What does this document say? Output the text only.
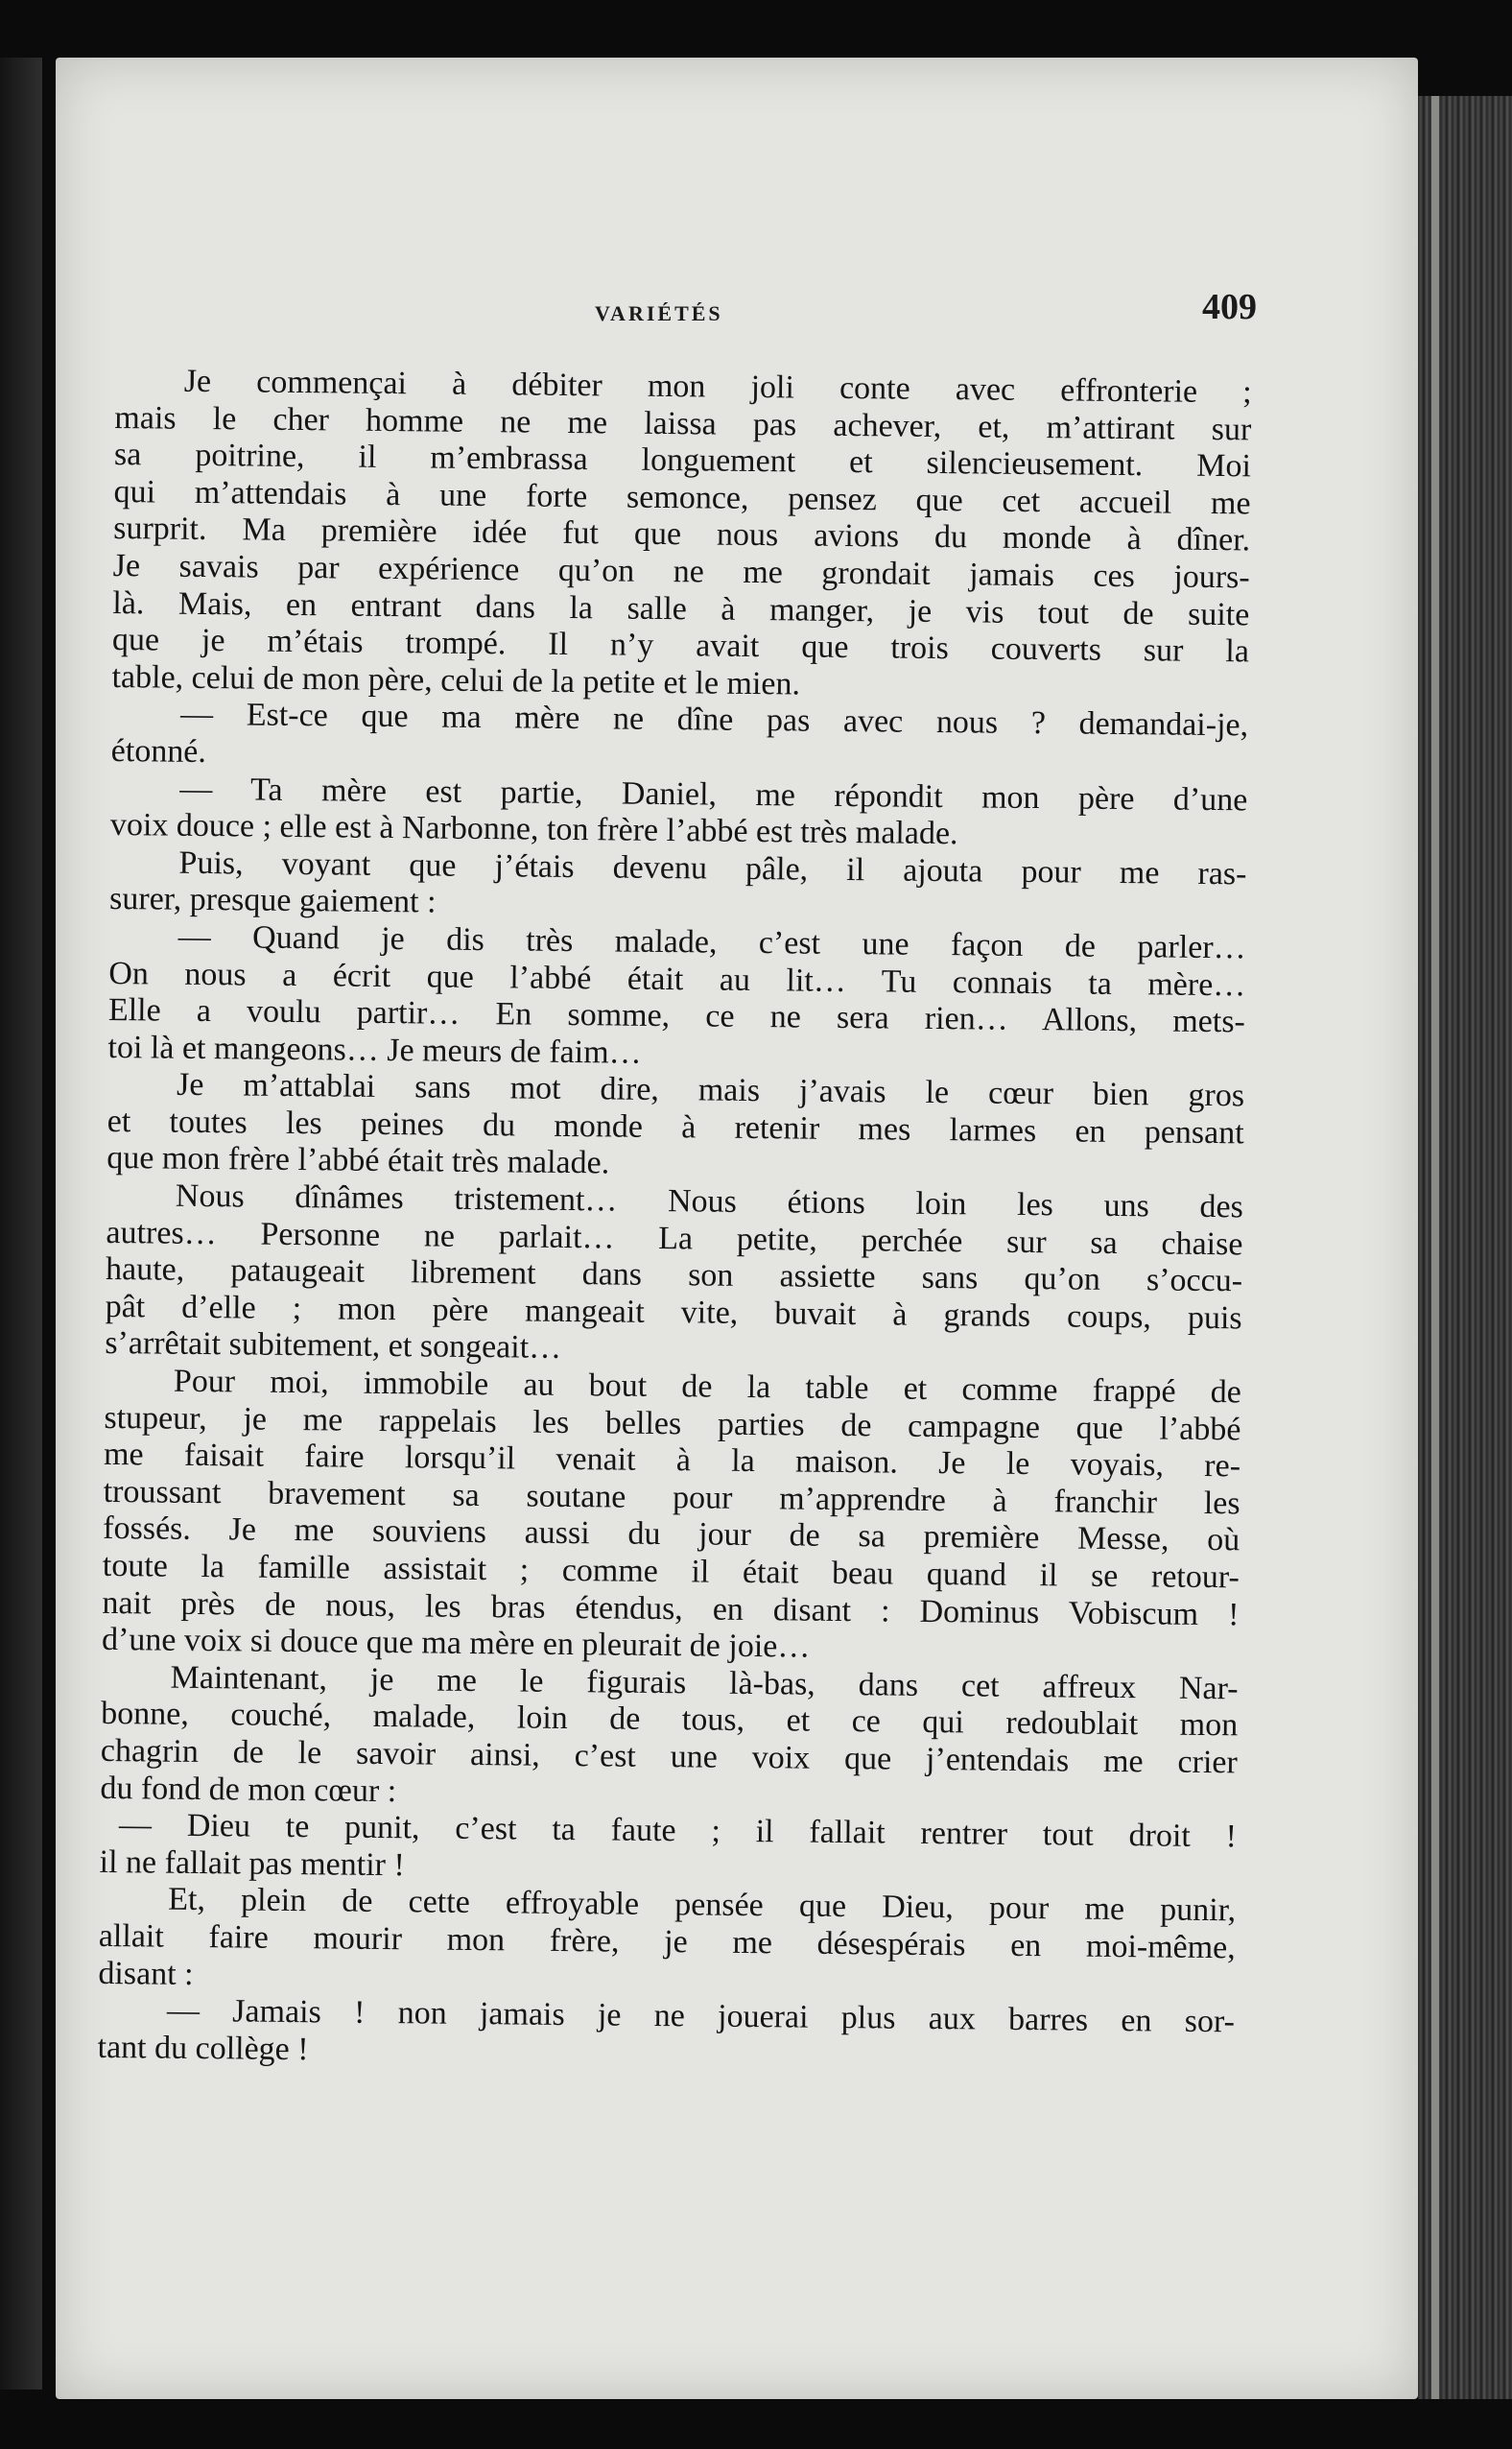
VARIÉTÉS	409
Je commençai à débiter mon joli conte avec effronterie ;
mais le cher homme ne me laissa pas achever, et, m’attirant sur
sa poitrine, il m’embrassa longuement et silencieusement. Moi
qui m’attendais à une forte semonce, pensez que cet accueil me
surprit. Ma première idée fut que nous avions du monde à dîner.
Je savais par expérience qu’on ne me grondait jamais ces jours-
là. Mais, en entrant dans la salle à manger, je vis tout de suite
que je m’étais trompé. Il n’y avait que trois couverts sur la
table, celui de mon père, celui de la petite et le mien.
— Est-ce que ma mère ne dîne pas avec nous ? demandai-je,
étonné.
— Ta mère est partie, Daniel, me répondit mon père d’une
voix douce ; elle est à Narbonne, ton frère l’abbé est très malade.
Puis, voyant que j’étais devenu pâle, il ajouta pour me ras-
surer, presque gaiement :
— Quand je dis très malade, c’est une façon de parler…
On nous a écrit que l’abbé était au lit… Tu connais ta mère…
Elle a voulu partir… En somme, ce ne sera rien… Allons, mets-
toi là et mangeons… Je meurs de faim…
Je m’attablai sans mot dire, mais j’avais le cœur bien gros
et toutes les peines du monde à retenir mes larmes en pensant
que mon frère l’abbé était très malade.
Nous dînâmes tristement… Nous étions loin les uns des
autres… Personne ne parlait… La petite, perchée sur sa chaise
haute, pataugeait librement dans son assiette sans qu’on s’occu-
pât d’elle ; mon père mangeait vite, buvait à grands coups, puis
s’arrêtait subitement, et songeait…
Pour moi, immobile au bout de la table et comme frappé de
stupeur, je me rappelais les belles parties de campagne que l’abbé
me faisait faire lorsqu’il venait à la maison. Je le voyais, re-
troussant bravement sa soutane pour m’apprendre à franchir les
fossés. Je me souviens aussi du jour de sa première Messe, où
toute la famille assistait ; comme il était beau quand il se retour-
nait près de nous, les bras étendus, en disant : Dominus Vobiscum !
d’une voix si douce que ma mère en pleurait de joie…
Maintenant, je me le figurais là-bas, dans cet affreux Nar-
bonne, couché, malade, loin de tous, et ce qui redoublait mon
chagrin de le savoir ainsi, c’est une voix que j’entendais me crier
du fond de mon cœur :
— Dieu te punit, c’est ta faute ; il fallait rentrer tout droit !
il ne fallait pas mentir !
Et, plein de cette effroyable pensée que Dieu, pour me punir,
allait faire mourir mon frère, je me désespérais en moi-même,
disant :
— Jamais ! non jamais je ne jouerai plus aux barres en sor-
tant du collège !
